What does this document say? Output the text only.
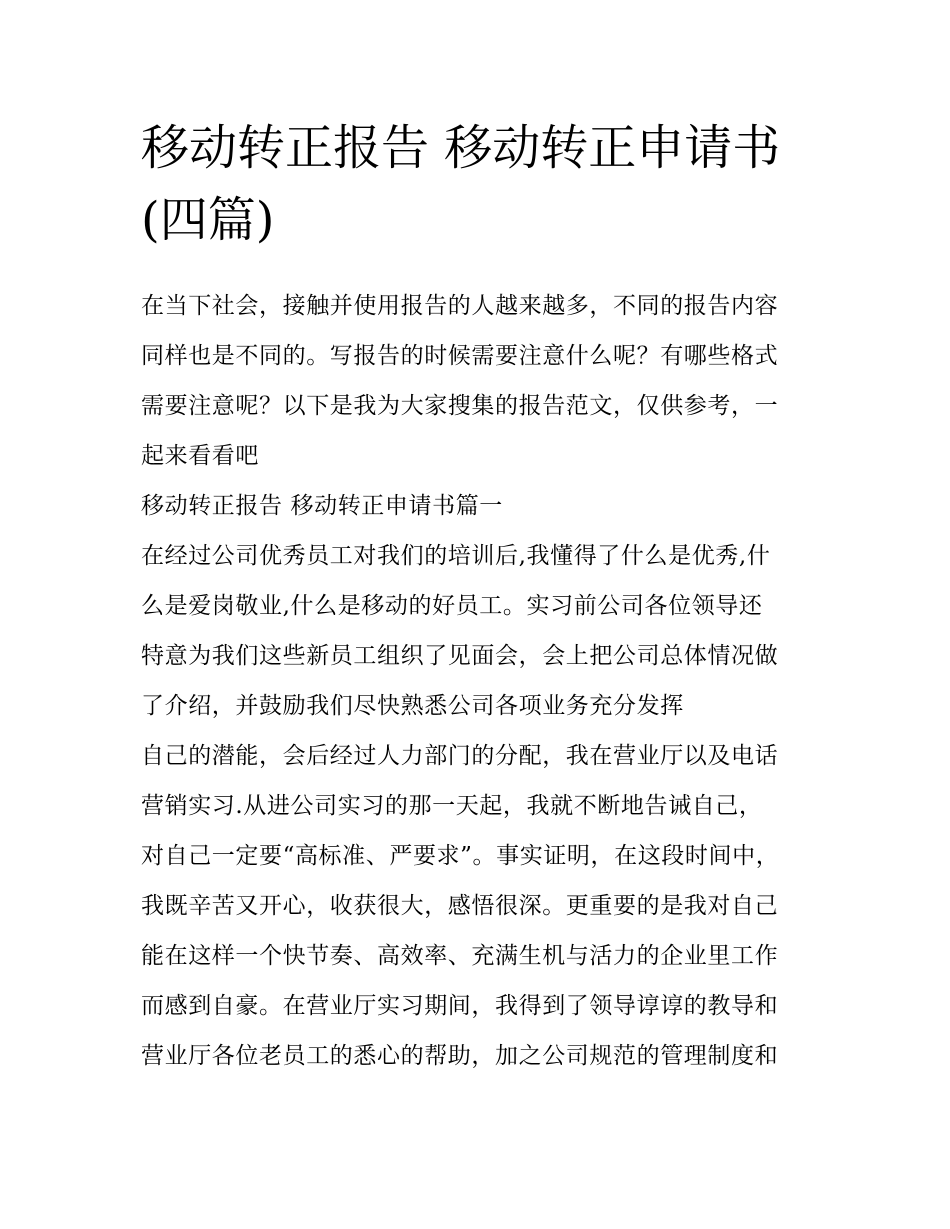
移动转正报告 移动转正申请书
(四篇)
在当下社会，接触并使用报告的人越来越多，不同的报告内容
同样也是不同的。写报告的时候需要注意什么呢？有哪些格式
需要注意呢？以下是我为大家搜集的报告范文，仅供参考，一
起来看看吧
移动转正报告 移动转正申请书篇一
在经过公司优秀员工对我们的培训后,我懂得了什么是优秀,什
么是爱岗敬业,什么是移动的好员工。实习前公司各位领导还
特意为我们这些新员工组织了见面会，会上把公司总体情况做
了介绍，并鼓励我们尽快熟悉公司各项业务充分发挥
自己的潜能，会后经过人力部门的分配，我在营业厅以及电话
营销实习.从进公司实习的那一天起，我就不断地告诫自己，
对自己一定要“高标准、严要求”。事实证明，在这段时间中，
我既辛苦又开心，收获很大，感悟很深。更重要的是我对自己
能在这样一个快节奏、高效率、充满生机与活力的企业里工作
而感到自豪。在营业厅实习期间，我得到了领导谆谆的教导和
营业厅各位老员工的悉心的帮助，加之公司规范的管理制度和
